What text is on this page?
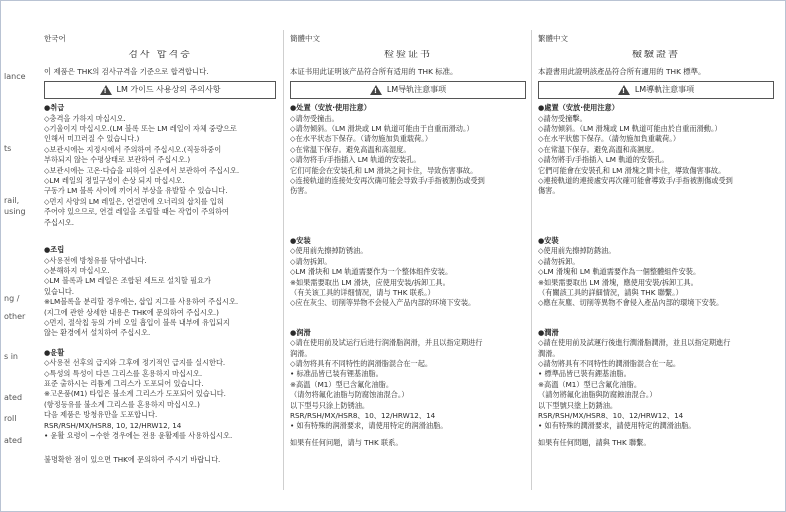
lance
ts
rail,
using
ng /
other
s in
ated
roll
ated

한국어

검사 합격증

이 제품은 THK의 검사규격을 기준으로 합격합니다.

!
LM 가이드 사용상의 주의사항

●취급

◇충격을 가하지 마십시오.

◇기울이지 마십시오.(LM 블록 또는 LM 레일이 자체 중량으로

인해서 미끄러질 수 있습니다.)

◇보관시에는 지정시에서 주의하여 주십시오.(직등하중이

부하되지 않는 수평상태로 보관하여 주십시오.)

◇보관시에는 고온·다습을 피하여 실온에서 보관하여 주십시오.

◇LM 레일의 정밀구성이 손상 되지 마십시오.

구동가 LM 블록 사이에 끼어서 부상을 유발할 수 있습니다.

◇먼지 사양의 LM 레일은, 연결면에 오너리의 삽치를 입혀

주어야 있으므로, 연결 레일을 조립할 때는 작업이 주의하여

주십시오.

●조립

◇사용전에 방청유를 닦아냅니다.

◇분해하지 마십시오.

◇LM 블록과 LM 레일은 조합된 세트로 설치할 필요가

있습니다.

※LM블록을 분리할 경우에는, 삽입 지그를 사용하여 주십시오.

(지그에 관한 상세한 내용은 THK에 문의하여 주십시오.)

◇먼지, 절삭칩 등의 가비 오일 흡입이 블록 내부에 유입되지

않는 환경에서 설치하여 주십시오.

●윤활

◇사용전 선후의 급지와 그후에 정기적인 급지를 실시한다.

◇특성의 특성이 다른 그리스를 혼용하지 마십시오.

표준 출하시는 리튬계 그리스가 도포되어 있습니다.

※고온품(M1) 타입은 불소계 그리스가 도포되어 있습니다.

(항정등유를 불소계 그리스를 혼용하지 마십시오.)

다음 제품은 방청유만을 도포합니다.

RSR/RSH/MX/HSR8, 10, 12/HRW12, 14

• 윤활 요령이 ~수한 경우에는 전용 윤활제를 사용하십시오.

불명확한 점이 있으면 THK에 문의하여 주시기 바랍니다.

簡體中文

检验证书

本证书用此证明该产品符合所有适用的 THK 标准。

!
LM导轨注意事项

●处置（安放·使用注意）

◇请勿受撞击。

◇请勿倾斜。（LM 滑块或 LM 轨道可能由于自重而滑动。）

◇在水平状态下保存。（请勿施加负重载荷。）

◇在常温下保存。避免高温和高湿度。

◇请勿将手/手指插入 LM 轨道的安装孔。

它们可能会在安装孔和 LM 滑块之间卡住，导致伤害事故。

◇连接轨道的连接处安再次确可能会导致手/手指被割伤或受到

伤害。

●安装

◇使用前先擦掉防锈油。

◇请勿拆卸。

◇LM 滑块和 LM 轨道需要作为一个整体组件安装。

※如果需要取出 LM 滑块，应使用安装/拆卸工具。

（有关该工具的详细情况，请与 THK 联系。）

◇应在灰尘、切削等异物不会侵入产品内部的环境下安装。

●润滑

◇请在使用前及试运行后进行润滑脂润滑，并且以指定期进行

润滑。

◇请勿将具有不同特性的润滑脂混合在一起。

• 标准品皆已装有锂基油脂。

※高温（M1）型已含氟化油脂。

（请勿将氟化油脂与防腐蚀油混合。）

以下型号只涂上防锈油。

RSR/RSH/MX/HSR8、10、12/HRW12、14

• 如有特殊的润滑要求，请使用特定的润滑油脂。

如果有任何问题，请与 THK 联系。

繁體中文

檢驗證書

本證書用此證明該產品符合所有適用的 THK 標準。

!
LM導軌注意事項

●處置（安放·使用注意）

◇請勿受撞擊。

◇請勿傾斜。（LM 滑塊或 LM 軌道可能由於自重而滑動。）

◇在水平狀態下保存。（請勿施加負重載荷。）

◇在常溫下保存。避免高溫和高濕度。

◇請勿將手/手指插入 LM 軌道的安裝孔。

它們可能會在安裝孔和 LM 滑塊之間卡住，導致傷害事故。

◇連接軌道的連接處安再次確可能會導致手/手指被割傷或受到

傷害。

●安裝

◇使用前先擦掉防銹油。

◇請勿拆卸。

◇LM 滑塊和 LM 軌道需要作為一個整體組件安裝。

※如果需要取出 LM 滑塊，應使用安裝/拆卸工具。

（有關該工具的詳細情況，請與 THK 聯繫。）

◇應在灰塵、切削等異物不會侵入產品內部的環境下安裝。

●潤滑

◇請在使用前及試運行後進行潤滑脂潤滑，並且以指定期進行

潤滑。

◇請勿將具有不同特性的潤滑脂混合在一起。

• 標準品皆已裝有鋰基油脂。

※高溫（M1）型已含氟化油脂。

（請勿將氟化油脂與防腐蝕油混合。）

以下型號只塗上防銹油。

RSR/RSH/MX/HSR8、10、12/HRW12、14

• 如有特殊的潤滑要求，請使用特定的潤滑油脂。

如果有任何問題，請與 THK 聯繫。
